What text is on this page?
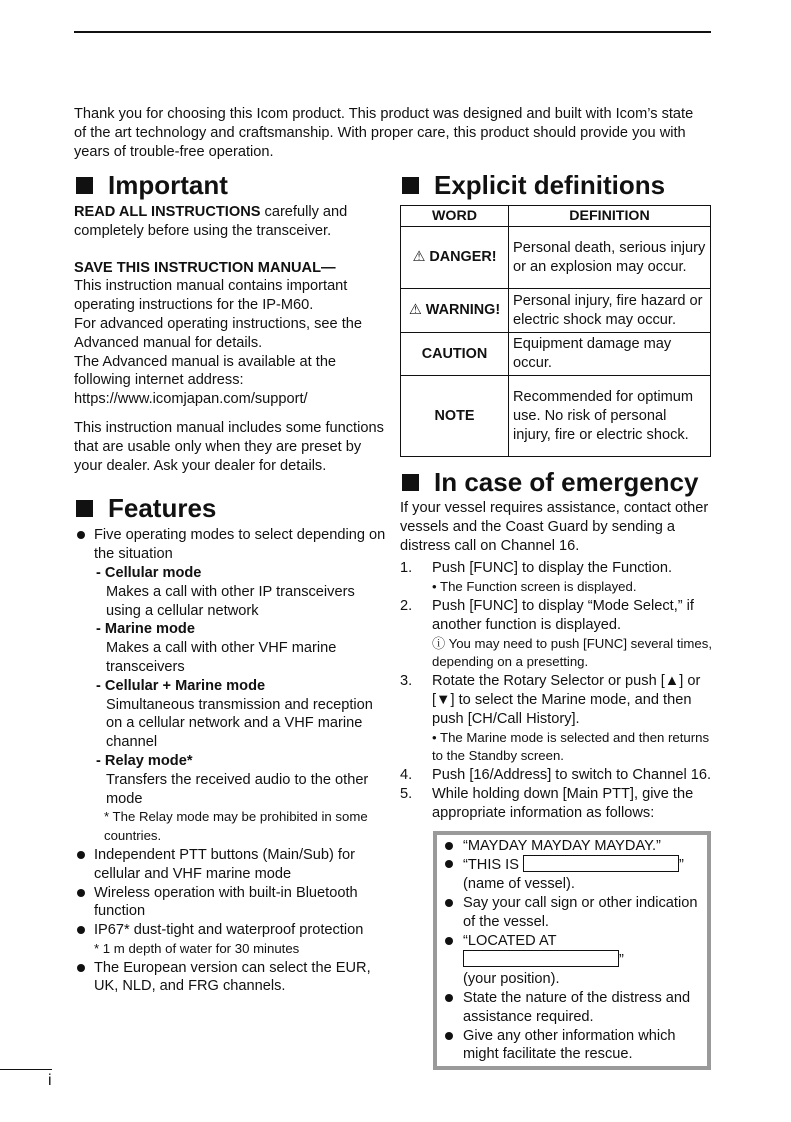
Thank you for choosing this Icom product. This product was designed and built with Icom’s state of the art technology and craftsmanship. With proper care, this product should provide you with years of trouble-free operation.

Important

READ ALL INSTRUCTIONS carefully and completely before using the transceiver.

SAVE THIS INSTRUCTION MANUAL—

This instruction manual contains important operating instructions for the IP-M60.

For advanced operating instructions, see the Advanced manual for details.

The Advanced manual is available at the following internet address:

https://www.icomjapan.com/support/

This instruction manual includes some functions that are usable only when they are preset by your dealer. Ask your dealer for details.

Features
Five operating modes to select depending on the situation
- Cellular mode
Makes a call with other IP transceivers using a cellular network
- Marine mode
Makes a call with other VHF marine transceivers
- Cellular + Marine mode
Simultaneous transmission and reception on a cellular network and a VHF marine channel
- Relay mode*
Transfers the received audio to the other mode
* The Relay mode may be prohibited in some countries.
Independent PTT buttons (Main/Sub) for cellular and VHF marine mode
Wireless operation with built-in Bluetooth function
IP67* dust-tight and waterproof protection
* 1 m depth of water for 30 minutes
The European version can select the EUR, UK, NLD, and FRG channels.
Explicit definitions
WORD	DEFINITION
⚠ DANGER!	Personal death, serious injury or an explosion may occur.
⚠ WARNING!	Personal injury, fire hazard or electric shock may occur.
CAUTION	Equipment damage may occur.
NOTE	Recommended for optimum use. No risk of personal injury, fire or electric shock.
In case of emergency

If your vessel requires assistance, contact other vessels and the Coast Guard by sending a distress call on Channel 16.

1. Push [FUNC] to display the Function.
• The Function screen is displayed.
2. Push [FUNC] to display “Mode Select,” if another function is displayed.
ⓘ You may need to push [FUNC] several times, depending on a presetting.
3. Rotate the Rotary Selector or push [▲] or [▼] to select the Marine mode, and then push [CH/Call History].
• The Marine mode is selected and then returns to the Standby screen.
4. Push [16/Address] to switch to Channel 16.
5. While holding down [Main PTT], give the appropriate information as follows:
“MAYDAY MAYDAY MAYDAY.”
“THIS IS	”
(name of vessel).
Say your call sign or other indication of the vessel.
“LOCATED AT
”
(your position).
State the nature of the distress and assistance required.
Give any other information which might facilitate the rescue.
i
